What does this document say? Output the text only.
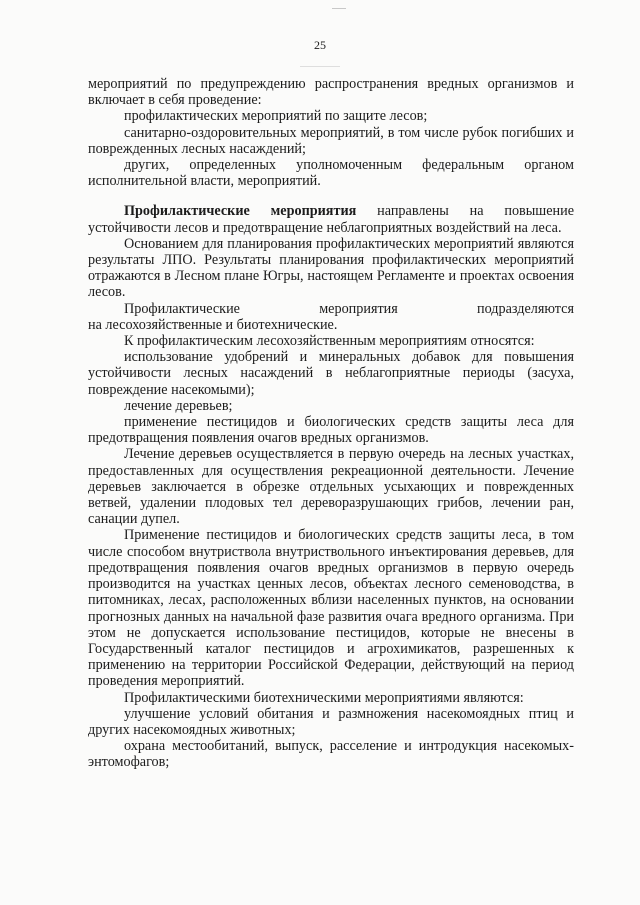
25

мероприятий по предупреждению распространения вредных организмов и включает в себя проведение:

профилактических мероприятий по защите лесов;

санитарно-оздоровительных мероприятий, в том числе рубок погибших и поврежденных лесных насаждений;

других, определенных уполномоченным федеральным органом исполнительной власти, мероприятий.

Профилактические мероприятия направлены на повышение устойчивости лесов и предотвращение неблагоприятных воздействий на леса.

Основанием для планирования профилактических мероприятий являются результаты ЛПО. Результаты планирования профилактических мероприятий отражаются в Лесном плане Югры, настоящем Регламенте и проектах освоения лесов.

Профилактические мероприятия подразделяются

на лесохозяйственные и биотехнические.

К профилактическим лесохозяйственным мероприятиям относятся:

использование удобрений и минеральных добавок для повышения устойчивости лесных насаждений в неблагоприятные периоды (засуха, повреждение насекомыми);

лечение деревьев;

применение пестицидов и биологических средств защиты леса для предотвращения появления очагов вредных организмов.

Лечение деревьев осуществляется в первую очередь на лесных участках, предоставленных для осуществления рекреационной деятельности. Лечение деревьев заключается в обрезке отдельных усыхающих и поврежденных ветвей, удалении плодовых тел дереворазрушающих грибов, лечении ран, санации дупел.

Применение пестицидов и биологических средств защиты леса, в том числе способом внутриствола внутриствольного инъектирования деревьев, для предотвращения появления очагов вредных организмов в первую очередь производится на участках ценных лесов, объектах лесного семеноводства, в питомниках, лесах, расположенных вблизи населенных пунктов, на основании прогнозных данных на начальной фазе развития очага вредного организма. При этом не допускается использование пестицидов, которые не внесены в Государственный каталог пестицидов и агрохимикатов, разрешенных к применению на территории Российской Федерации, действующий на период проведения мероприятий.

Профилактическими биотехническими мероприятиями являются:

улучшение условий обитания и размножения насекомоядных птиц и других насекомоядных животных;

охрана местообитаний, выпуск, расселение и интродукция насекомых-энтомофагов;
